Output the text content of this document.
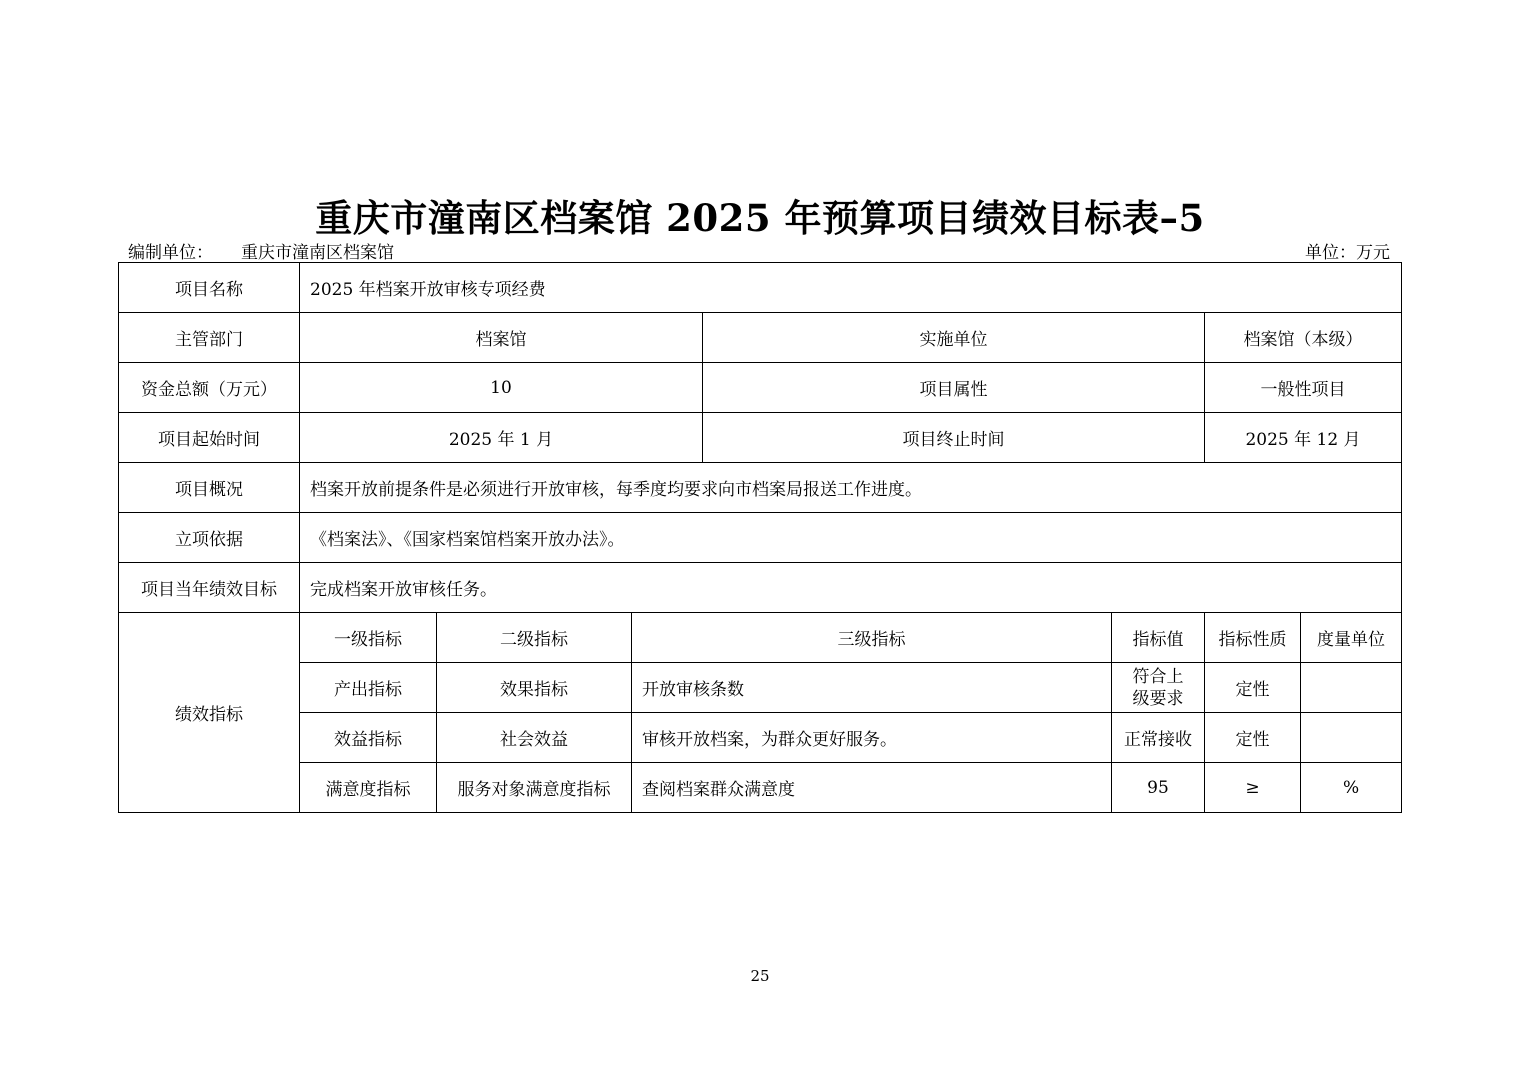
重庆市潼南区档案馆 2025 年预算项目绩效目标表–5
编制单位： 重庆市潼南区档案馆	单位：万元
项目名称	2025 年档案开放审核专项经费						
主管部门	档案馆			实施单位		档案馆（本级）	
资金总额（万元）	10			项目属性		一般性项目	
项目起始时间	2025 年 1 月			项目终止时间		2025 年 12 月	
项目概况	档案开放前提条件是必须进行开放审核，每季度均要求向市档案局报送工作进度。						
立项依据	《档案法》、《国家档案馆档案开放办法》。						
项目当年绩效目标	完成档案开放审核任务。						
绩效指标	一级指标	二级指标	三级指标		指标值	指标性质	度量单位
	产出指标	效果指标	开放审核条数		符合上级要求	定性	
	效益指标	社会效益	审核开放档案，为群众更好服务。		正常接收	定性	
	满意度指标	服务对象满意度指标	查阅档案群众满意度		95	≥	%
25
